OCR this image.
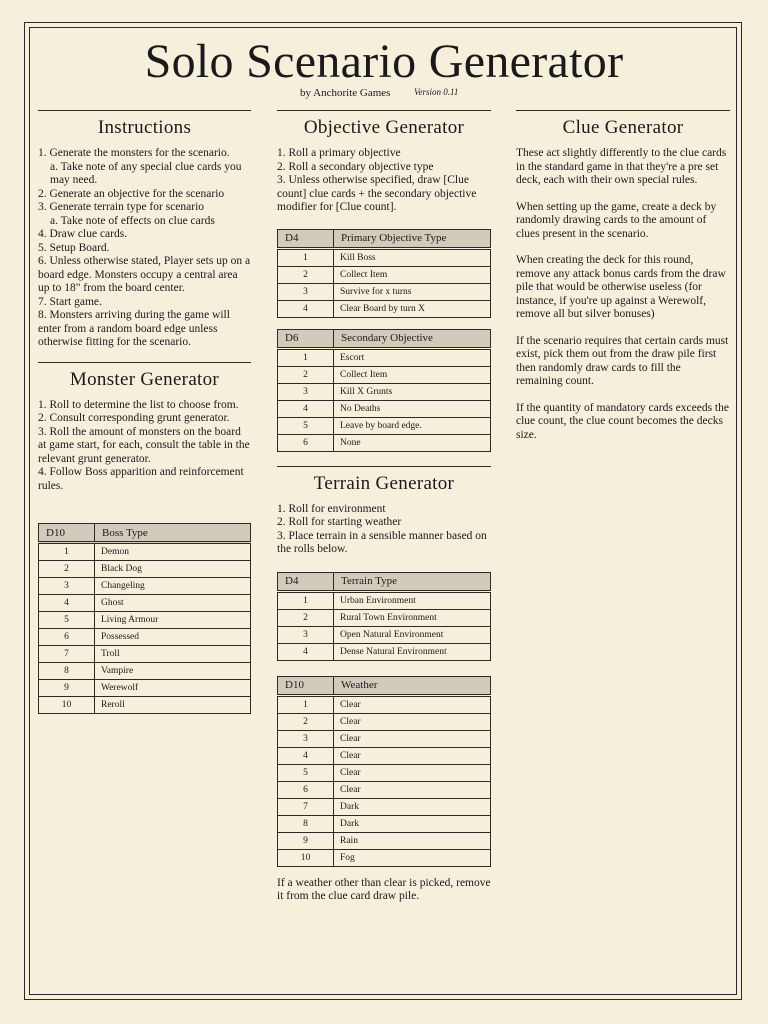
Solo Scenario Generator
by Anchorite Games	Version 0.11
Instructions

1. Generate the monsters for the scenario.

a. Take note of any special clue cards you may need.

2. Generate an objective for the scenario

3. Generate terrain type for scenario

a. Take note of effects on clue cards

4. Draw clue cards.

5. Setup Board.

6. Unless otherwise stated, Player sets up on a board edge. Monsters occupy a central area up to 18" from the board center.

7. Start game.

8. Monsters arriving during the game will enter from a random board edge unless otherwise fitting for the scenario.

Monster Generator

1. Roll to determine the list to choose from.

2. Consult corresponding grunt generator.

3. Roll the amount of monsters on the board at game start, for each, consult the table in the relevant grunt generator.

4. Follow Boss apparition and reinforcement rules.

D10	Boss Type
1	Demon
2	Black Dog
3	Changeling
4	Ghost
5	Living Armour
6	Possessed
7	Troll
8	Vampire
9	Werewolf
10	Reroll
Objective Generator

1. Roll a primary objective

2. Roll a secondary objective type

3. Unless otherwise specified, draw [Clue count] clue cards + the secondary objective modifier for [Clue count].

D4	Primary Objective Type
1	Kill Boss
2	Collect Item
3	Survive for x turns
4	Clear Board by turn X
D6	Secondary Objective
1	Escort
2	Collect Item
3	Kill X Grunts
4	No Deaths
5	Leave by board edge.
6	None
Terrain Generator

1. Roll for environment

2. Roll for starting weather

3. Place terrain in a sensible manner based on the rolls below.

D4	Terrain Type
1	Urban Environment
2	Rural Town Environment
3	Open Natural Environment
4	Dense Natural Environment
D10	Weather
1	Clear
2	Clear
3	Clear
4	Clear
5	Clear
6	Clear
7	Dark
8	Dark
9	Rain
10	Fog
If a weather other than clear is picked, remove it from the clue card draw pile.
Clue Generator

These act slightly differently to the clue cards in the standard game in that they're a pre set deck, each with their own special rules.

When setting up the game, create a deck by randomly drawing cards to the amount of clues present in the scenario.

When creating the deck for this round, remove any attack bonus cards from the draw pile that would be otherwise useless (for instance, if you're up against a Werewolf, remove all but silver bonuses)

If the scenario requires that certain cards must exist, pick them out from the draw pile first then randomly draw cards to fill the remaining count.

If the quantity of mandatory cards exceeds the clue count, the clue count becomes the decks size.
